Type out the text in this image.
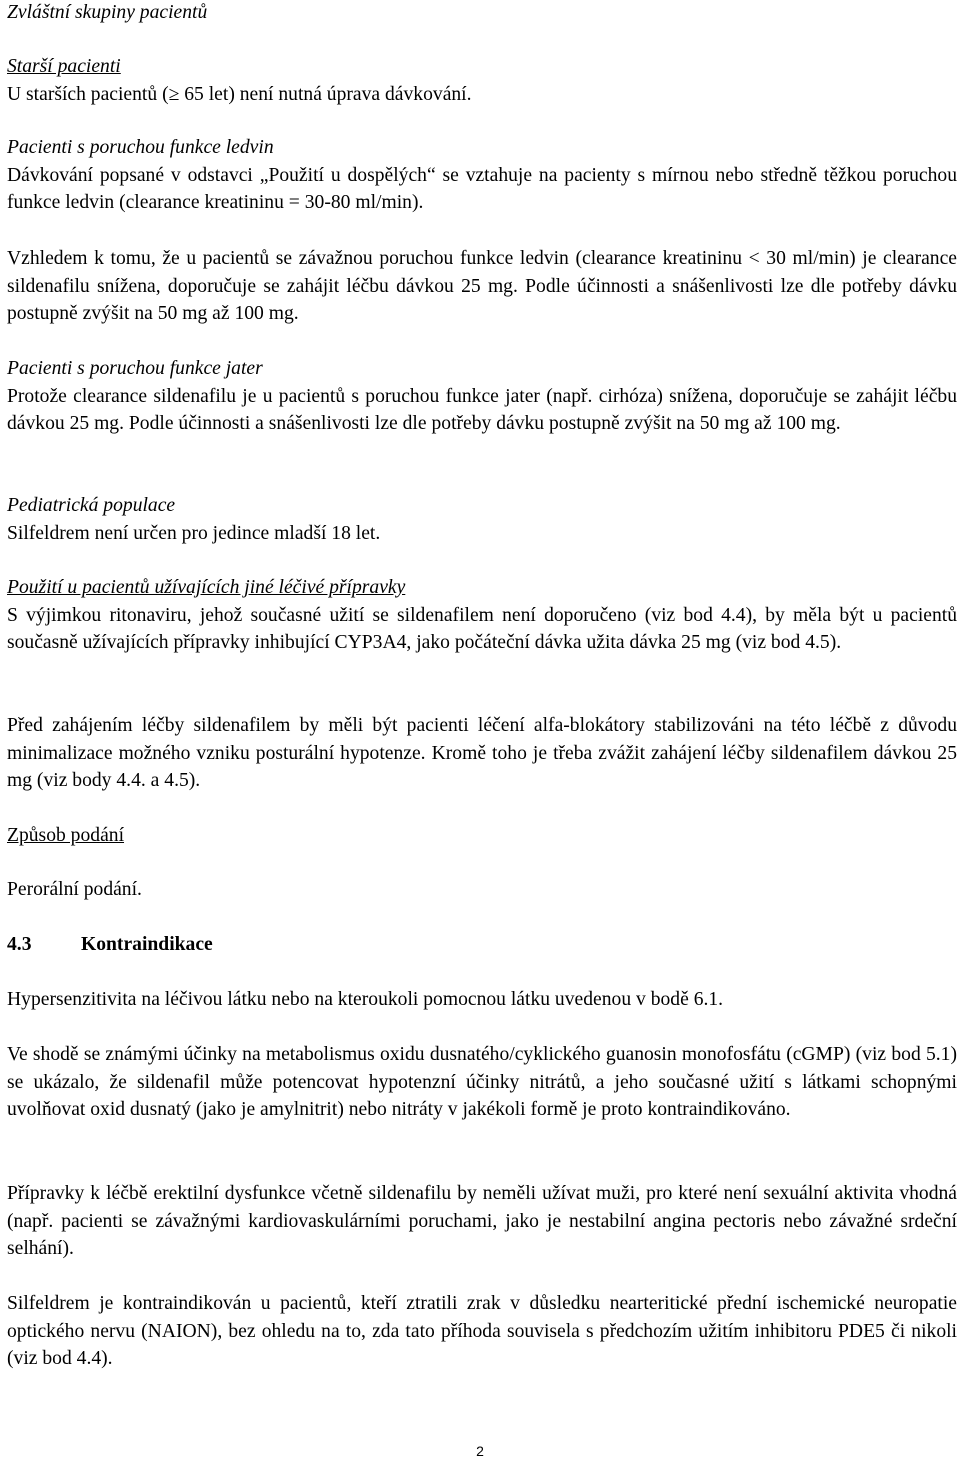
Zvláštní skupiny pacientů

Starší pacienti

U starších pacientů (≥ 65 let) není nutná úprava dávkování.

Pacienti s poruchou funkce ledvin

Dávkování popsané v odstavci „Použití u dospělých“ se vztahuje na pacienty s mírnou nebo středně těžkou poruchou funkce ledvin (clearance kreatininu = 30-80 ml/min).

Vzhledem k tomu, že u pacientů se závažnou poruchou funkce ledvin (clearance kreatininu < 30 ml/min) je clearance sildenafilu snížena, doporučuje se zahájit léčbu dávkou 25 mg. Podle účinnosti a snášenlivosti lze dle potřeby dávku postupně zvýšit na 50 mg až 100 mg.

Pacienti s poruchou funkce jater

Protože clearance sildenafilu je u pacientů s poruchou funkce jater (např. cirhóza) snížena, doporučuje se zahájit léčbu dávkou 25 mg. Podle účinnosti a snášenlivosti lze dle potřeby dávku postupně zvýšit na 50 mg až 100 mg.

Pediatrická populace

Silfeldrem není určen pro jedince mladší 18 let.

Použití u pacientů užívajících jiné léčivé přípravky

S výjimkou ritonaviru, jehož současné užití se sildenafilem není doporučeno (viz bod 4.4), by měla být u pacientů současně užívajících přípravky inhibující CYP3A4, jako počáteční dávka užita dávka 25 mg (viz bod 4.5).

Před zahájením léčby sildenafilem by měli být pacienti léčení alfa-blokátory stabilizováni na této léčbě z důvodu minimalizace možného vzniku posturální hypotenze. Kromě toho je třeba zvážit zahájení léčby sildenafilem dávkou 25 mg (viz body 4.4. a 4.5).

Způsob podání

Perorální podání.

4.3	Kontraindikace

Hypersenzitivita na léčivou látku nebo na kteroukoli pomocnou látku uvedenou v bodě 6.1.

Ve shodě se známými účinky na metabolismus oxidu dusnatého/cyklického guanosin monofosfátu (cGMP) (viz bod 5.1) se ukázalo, že sildenafil může potencovat hypotenzní účinky nitrátů, a jeho současné užití s látkami schopnými uvolňovat oxid dusnatý (jako je amylnitrit) nebo nitráty v jakékoli formě je proto kontraindikováno.

Přípravky k léčbě erektilní dysfunkce včetně sildenafilu by neměli užívat muži, pro které není sexuální aktivita vhodná (např. pacienti se závažnými kardiovaskulárními poruchami, jako je nestabilní angina pectoris nebo závažné srdeční selhání).

Silfeldrem je kontraindikován u pacientů, kteří ztratili zrak v důsledku nearteritické přední ischemické neuropatie optického nervu (NAION), bez ohledu na to, zda tato příhoda souvisela s předchozím užitím inhibitoru PDE5 či nikoli (viz bod 4.4).

2
